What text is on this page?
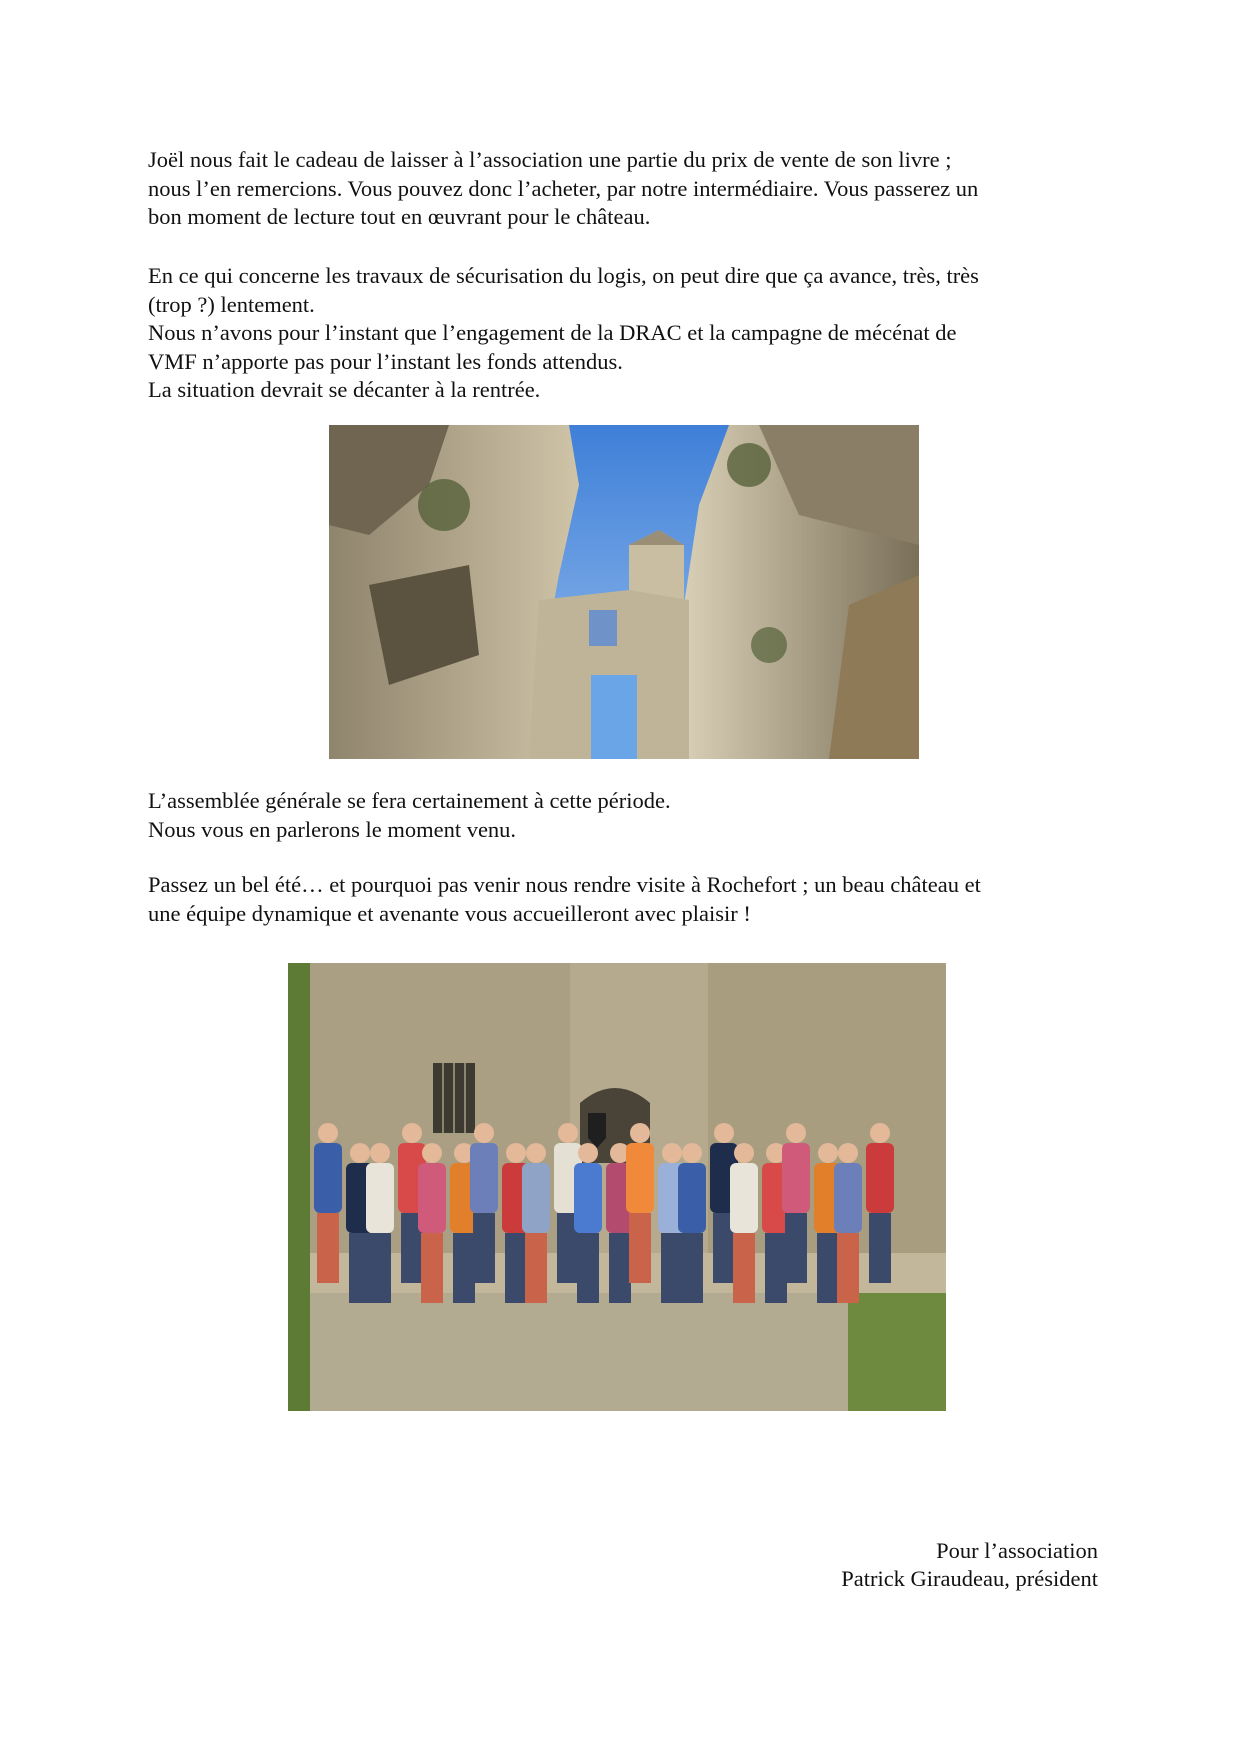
Joël nous fait le cadeau de laisser à l’association une partie du prix de vente de son livre ;
nous l’en remercions. Vous pouvez donc l’acheter, par notre intermédiaire. Vous passerez un
bon moment de lecture tout en œuvrant pour le château.

En ce qui concerne les travaux de sécurisation du logis, on peut dire que ça avance, très, très
(trop ?) lentement.
Nous n’avons pour l’instant que l’engagement de la DRAC et la campagne de mécénat de
VMF n’apporte pas pour l’instant les fonds attendus.
La situation devrait se décanter à la rentrée.

L’assemblée générale se fera certainement à cette période.
Nous vous en parlerons le moment venu.

Passez un bel été… et pourquoi pas venir nous rendre visite à Rochefort ; un beau château et
une équipe dynamique et avenante vous accueilleront avec plaisir !

Pour l’association
Patrick Giraudeau, président
